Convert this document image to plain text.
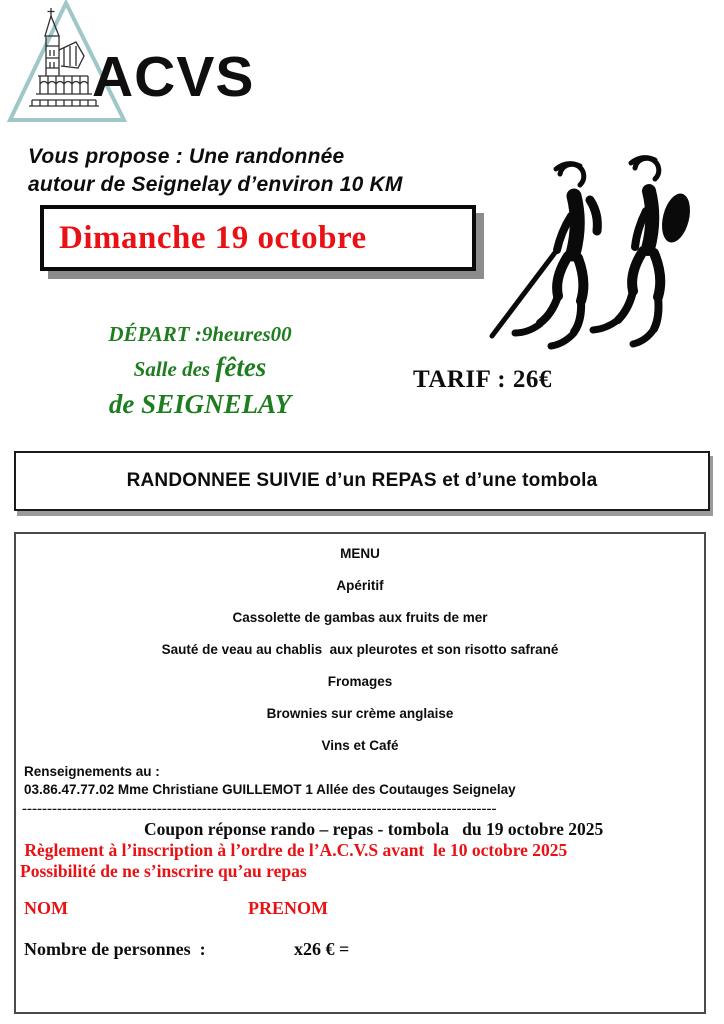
ACVS
Vous propose : Une randonnée
autour de Seignelay d’environ 10 KM
Dimanche 19 octobre
DÉPART :9heures00
Salle des fêtes
de SEIGNELAY
TARIF : 26€
RANDONNEE SUIVIE d’un REPAS et d’une tombola
MENU
Apéritif
Cassolette de gambas aux fruits de mer
Sauté de veau au chablis  aux pleurotes et son risotto safrané
Fromages
Brownies sur crème anglaise
Vins et Café
Renseignements au :
03.86.47.77.02 Mme Christiane GUILLEMOT 1 Allée des Coutauges Seignelay
-----------------------------------------------------------------------------------------------
Coupon réponse rando – repas - tombola   du 19 octobre 2025
Règlement à l’inscription à l’ordre de l’A.C.V.S avant  le 10 octobre 2025
Possibilité de ne s’inscrire qu’au repas
NOM	PRENOM
Nombre de personnes  :	x26 € =
